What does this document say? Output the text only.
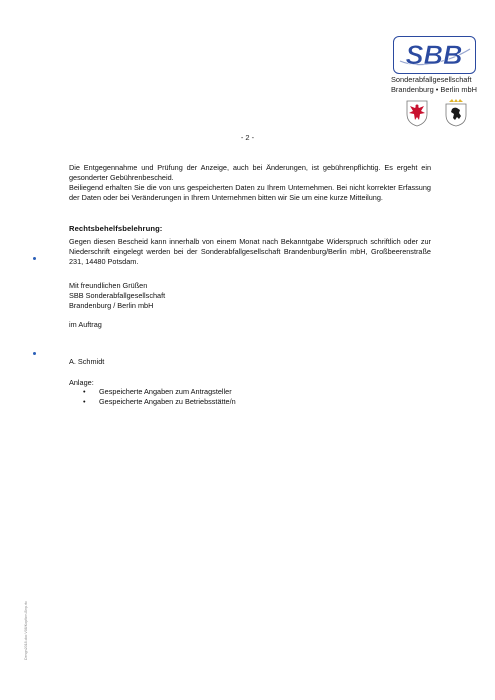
SBB
Sonderabfallgesellschaft
Brandenburg • Berlin mbH
- 2 -
Die Entgegennahme und Prüfung der Anzeige, auch bei Änderungen, ist gebührenpflichtig. Es ergeht ein gesonderter Gebührenbescheid.
Beiliegend erhalten Sie die von uns gespeicherten Daten zu Ihrem Unternehmen. Bei nicht korrekter Erfassung der Daten oder bei Veränderungen in Ihrem Unternehmen bitten wir Sie um eine kurze Mitteilung.
Rechtsbehelfsbelehrung:
Gegen diesen Bescheid kann innerhalb von einem Monat nach Bekanntgabe Widerspruch schriftlich oder zur Niederschrift eingelegt werden bei der Sonderabfallgesellschaft Brandenburg/Berlin mbH, Großbeerenstraße 231, 14480 Potsdam.
Mit freundlichen Grüßen
SBB Sonderabfallgesellschaft
Brandenburg / Berlin mbH
im Auftrag
A. Schmidt
Anlage:
• Gespeicherte Angaben zum Antragsteller
• Gespeicherte Angaben zu Betriebsstätte/n
Dengn2018.doc V08/Kopfbrn-Bnp.rtc
